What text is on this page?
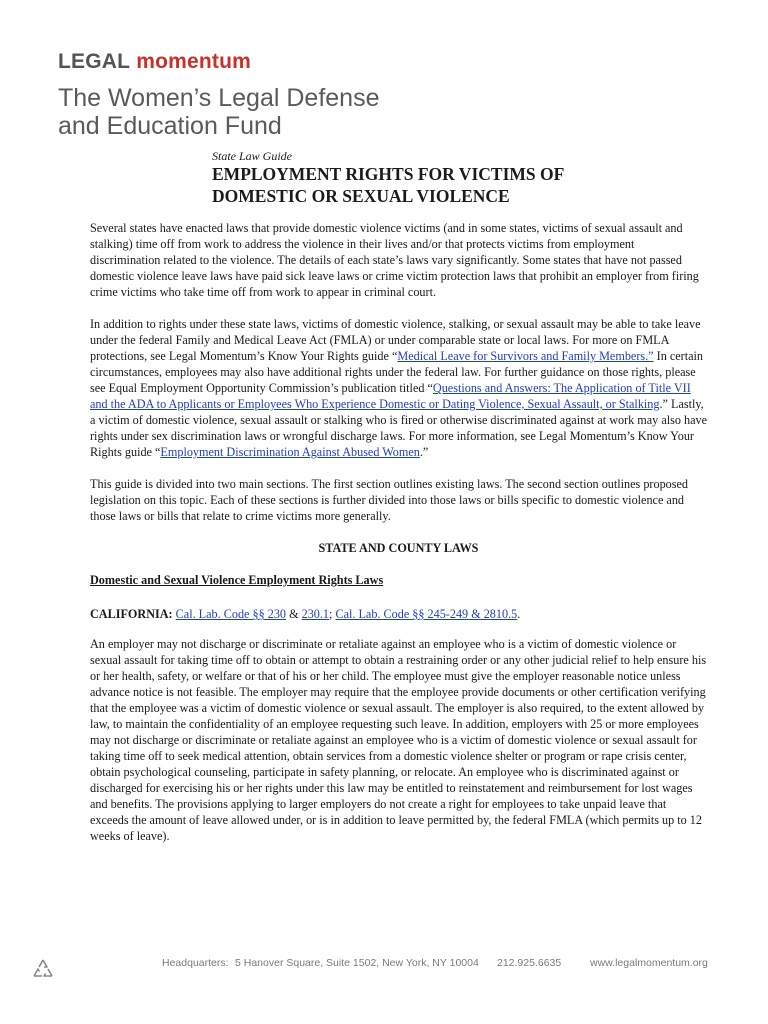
LEGAL momentum
The Women’s Legal Defense
and Education Fund
State Law Guide
EMPLOYMENT RIGHTS FOR VICTIMS OF
DOMESTIC OR SEXUAL VIOLENCE

Several states have enacted laws that provide domestic violence victims (and in some states, victims of sexual assault and stalking) time off from work to address the violence in their lives and/or that protects victims from employment discrimination related to the violence. The details of each state’s laws vary significantly. Some states that have not passed domestic violence leave laws have paid sick leave laws or crime victim protection laws that prohibit an employer from firing crime victims who take time off from work to appear in criminal court.

In addition to rights under these state laws, victims of domestic violence, stalking, or sexual assault may be able to take leave under the federal Family and Medical Leave Act (FMLA) or under comparable state or local laws. For more on FMLA protections, see Legal Momentum’s Know Your Rights guide “Medical Leave for Survivors and Family Members.” In certain circumstances, employees may also have additional rights under the federal law. For further guidance on those rights, please see Equal Employment Opportunity Commission’s publication titled “Questions and Answers: The Application of Title VII and the ADA to Applicants or Employees Who Experience Domestic or Dating Violence, Sexual Assault, or Stalking.” Lastly, a victim of domestic violence, sexual assault or stalking who is fired or otherwise discriminated against at work may also have rights under sex discrimination laws or wrongful discharge laws. For more information, see Legal Momentum’s Know Your Rights guide “Employment Discrimination Against Abused Women.”

This guide is divided into two main sections. The first section outlines existing laws. The second section outlines proposed legislation on this topic. Each of these sections is further divided into those laws or bills specific to domestic violence and those laws or bills that relate to crime victims more generally.

STATE AND COUNTY LAWS
Domestic and Sexual Violence Employment Rights Laws
CALIFORNIA: Cal. Lab. Code §§ 230 & 230.1; Cal. Lab. Code §§ 245-249 & 2810.5.

An employer may not discharge or discriminate or retaliate against an employee who is a victim of domestic violence or sexual assault for taking time off to obtain or attempt to obtain a restraining order or any other judicial relief to help ensure his or her health, safety, or welfare or that of his or her child. The employee must give the employer reasonable notice unless advance notice is not feasible. The employer may require that the employee provide documents or other certification verifying that the employee was a victim of domestic violence or sexual assault. The employer is also required, to the extent allowed by law, to maintain the confidentiality of an employee requesting such leave. In addition, employers with 25 or more employees may not discharge or discriminate or retaliate against an employee who is a victim of domestic violence or sexual assault for taking time off to seek medical attention, obtain services from a domestic violence shelter or program or rape crisis center, obtain psychological counseling, participate in safety planning, or relocate. An employee who is discriminated against or discharged for exercising his or her rights under this law may be entitled to reinstatement and reimbursement for lost wages and benefits. The provisions applying to larger employers do not create a right for employees to take unpaid leave that exceeds the amount of leave allowed under, or is in addition to leave permitted by, the federal FMLA (which permits up to 12 weeks of leave).

Headquarters: 5 Hanover Square, Suite 1502, New York, NY 10004 212.925.6635	www.legalmomentum.org
